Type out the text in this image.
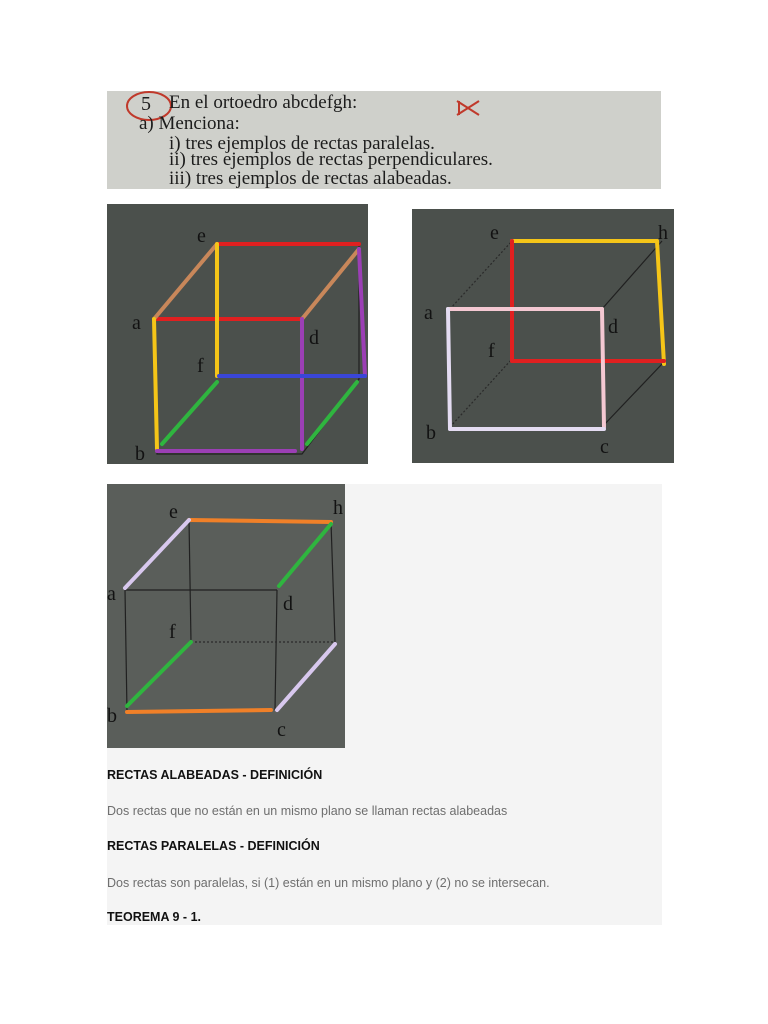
5 En el ortoedro abcdefgh:
a) Menciona:
i) tres ejemplos de rectas paralelas.
ii) tres ejemplos de rectas perpendiculares.
iii) tres ejemplos de rectas alabeadas.
e
a
d
f
b
e	h
a
d
f
b
c
e	h
a	d
f
b
c
RECTAS ALABEADAS - DEFINICIÓN
Dos rectas que no están en un mismo plano se llaman rectas alabeadas
RECTAS PARALELAS - DEFINICIÓN
Dos rectas son paralelas, si (1) están en un mismo plano y (2) no se intersecan.
TEOREMA 9 - 1.
